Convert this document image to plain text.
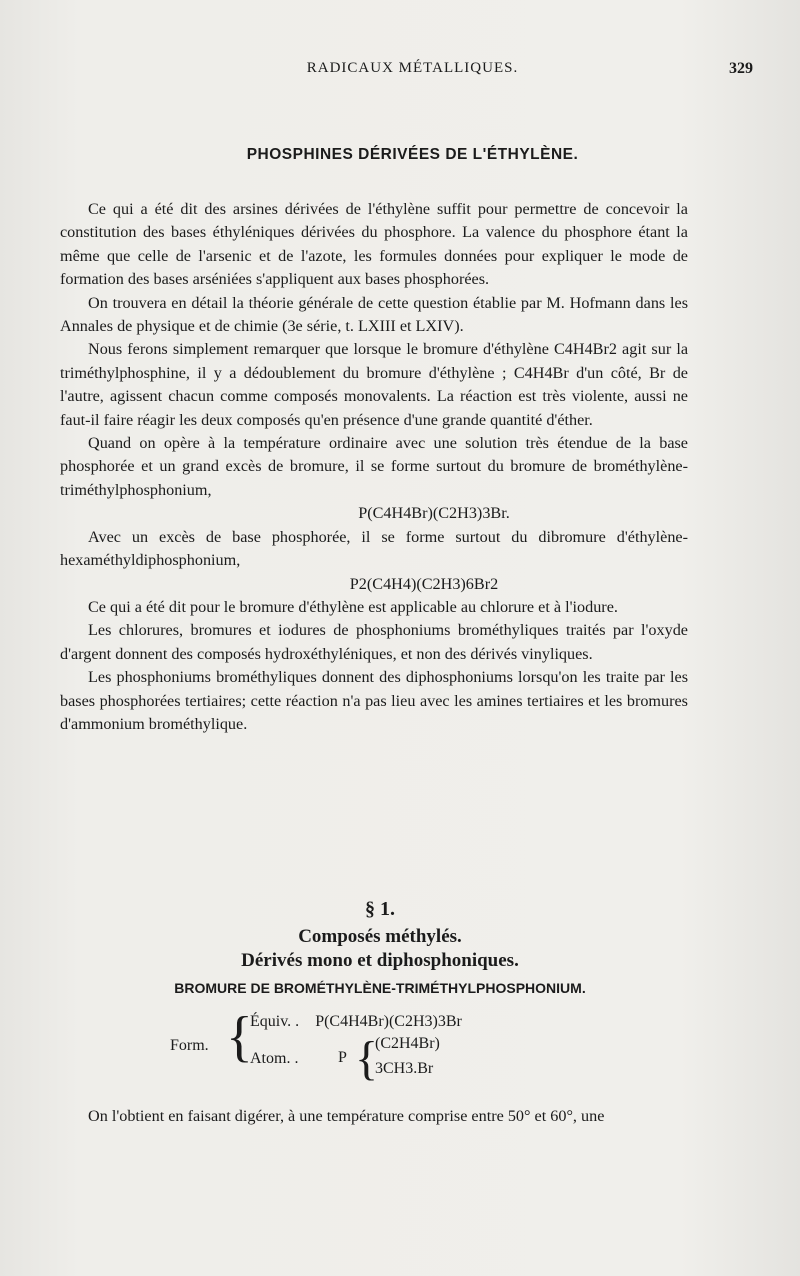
RADICAUX MÉTALLIQUES.	329
PHOSPHINES DÉRIVÉES DE L'ÉTHYLÈNE.

Ce qui a été dit des arsines dérivées de l'éthylène suffit pour permettre de concevoir la constitution des bases éthyléniques dérivées du phosphore. La valence du phosphore étant la même que celle de l'arsenic et de l'azote, les formules données pour expliquer le mode de formation des bases arséniées s'appliquent aux bases phosphorées.

On trouvera en détail la théorie générale de cette question établie par M. Hofmann dans les Annales de physique et de chimie (3e série, t. LXIII et LXIV).

Nous ferons simplement remarquer que lorsque le bromure d'éthylène C4H4Br2 agit sur la triméthylphosphine, il y a dédoublement du bromure d'éthylène ; C4H4Br d'un côté, Br de l'autre, agissent chacun comme composés monovalents. La réaction est très violente, aussi ne faut-il faire réagir les deux composés qu'en présence d'une grande quantité d'éther.

Quand on opère à la température ordinaire avec une solution très étendue de la base phosphorée et un grand excès de bromure, il se forme surtout du bromure de brométhylène-triméthylphosphonium,

P(C4H4Br)(C2H3)3Br.

Avec un excès de base phosphorée, il se forme surtout du dibromure d'éthylène-hexaméthyldiphosphonium,

P2(C4H4)(C2H3)6Br2

Ce qui a été dit pour le bromure d'éthylène est applicable au chlorure et à l'iodure.

Les chlorures, bromures et iodures de phosphoniums brométhyliques traités par l'oxyde d'argent donnent des composés hydroxéthyléniques, et non des dérivés vinyliques.

Les phosphoniums brométhyliques donnent des diphosphoniums lorsqu'on les traite par les bases phosphorées tertiaires; cette réaction n'a pas lieu avec les amines tertiaires et les bromures d'ammonium brométhylique.

§ 1.
Composés méthylés.
Dérivés mono et diphosphoniques.
BROMURE DE BROMÉTHYLÈNE-TRIMÉTHYLPHOSPHONIUM.
Form. {
Équiv. . P(C4H4Br)(C2H3)3Br
Atom. . P {
(C2H4Br)
3CH3.Br
On l'obtient en faisant digérer, à une température comprise entre 50° et 60°, une
